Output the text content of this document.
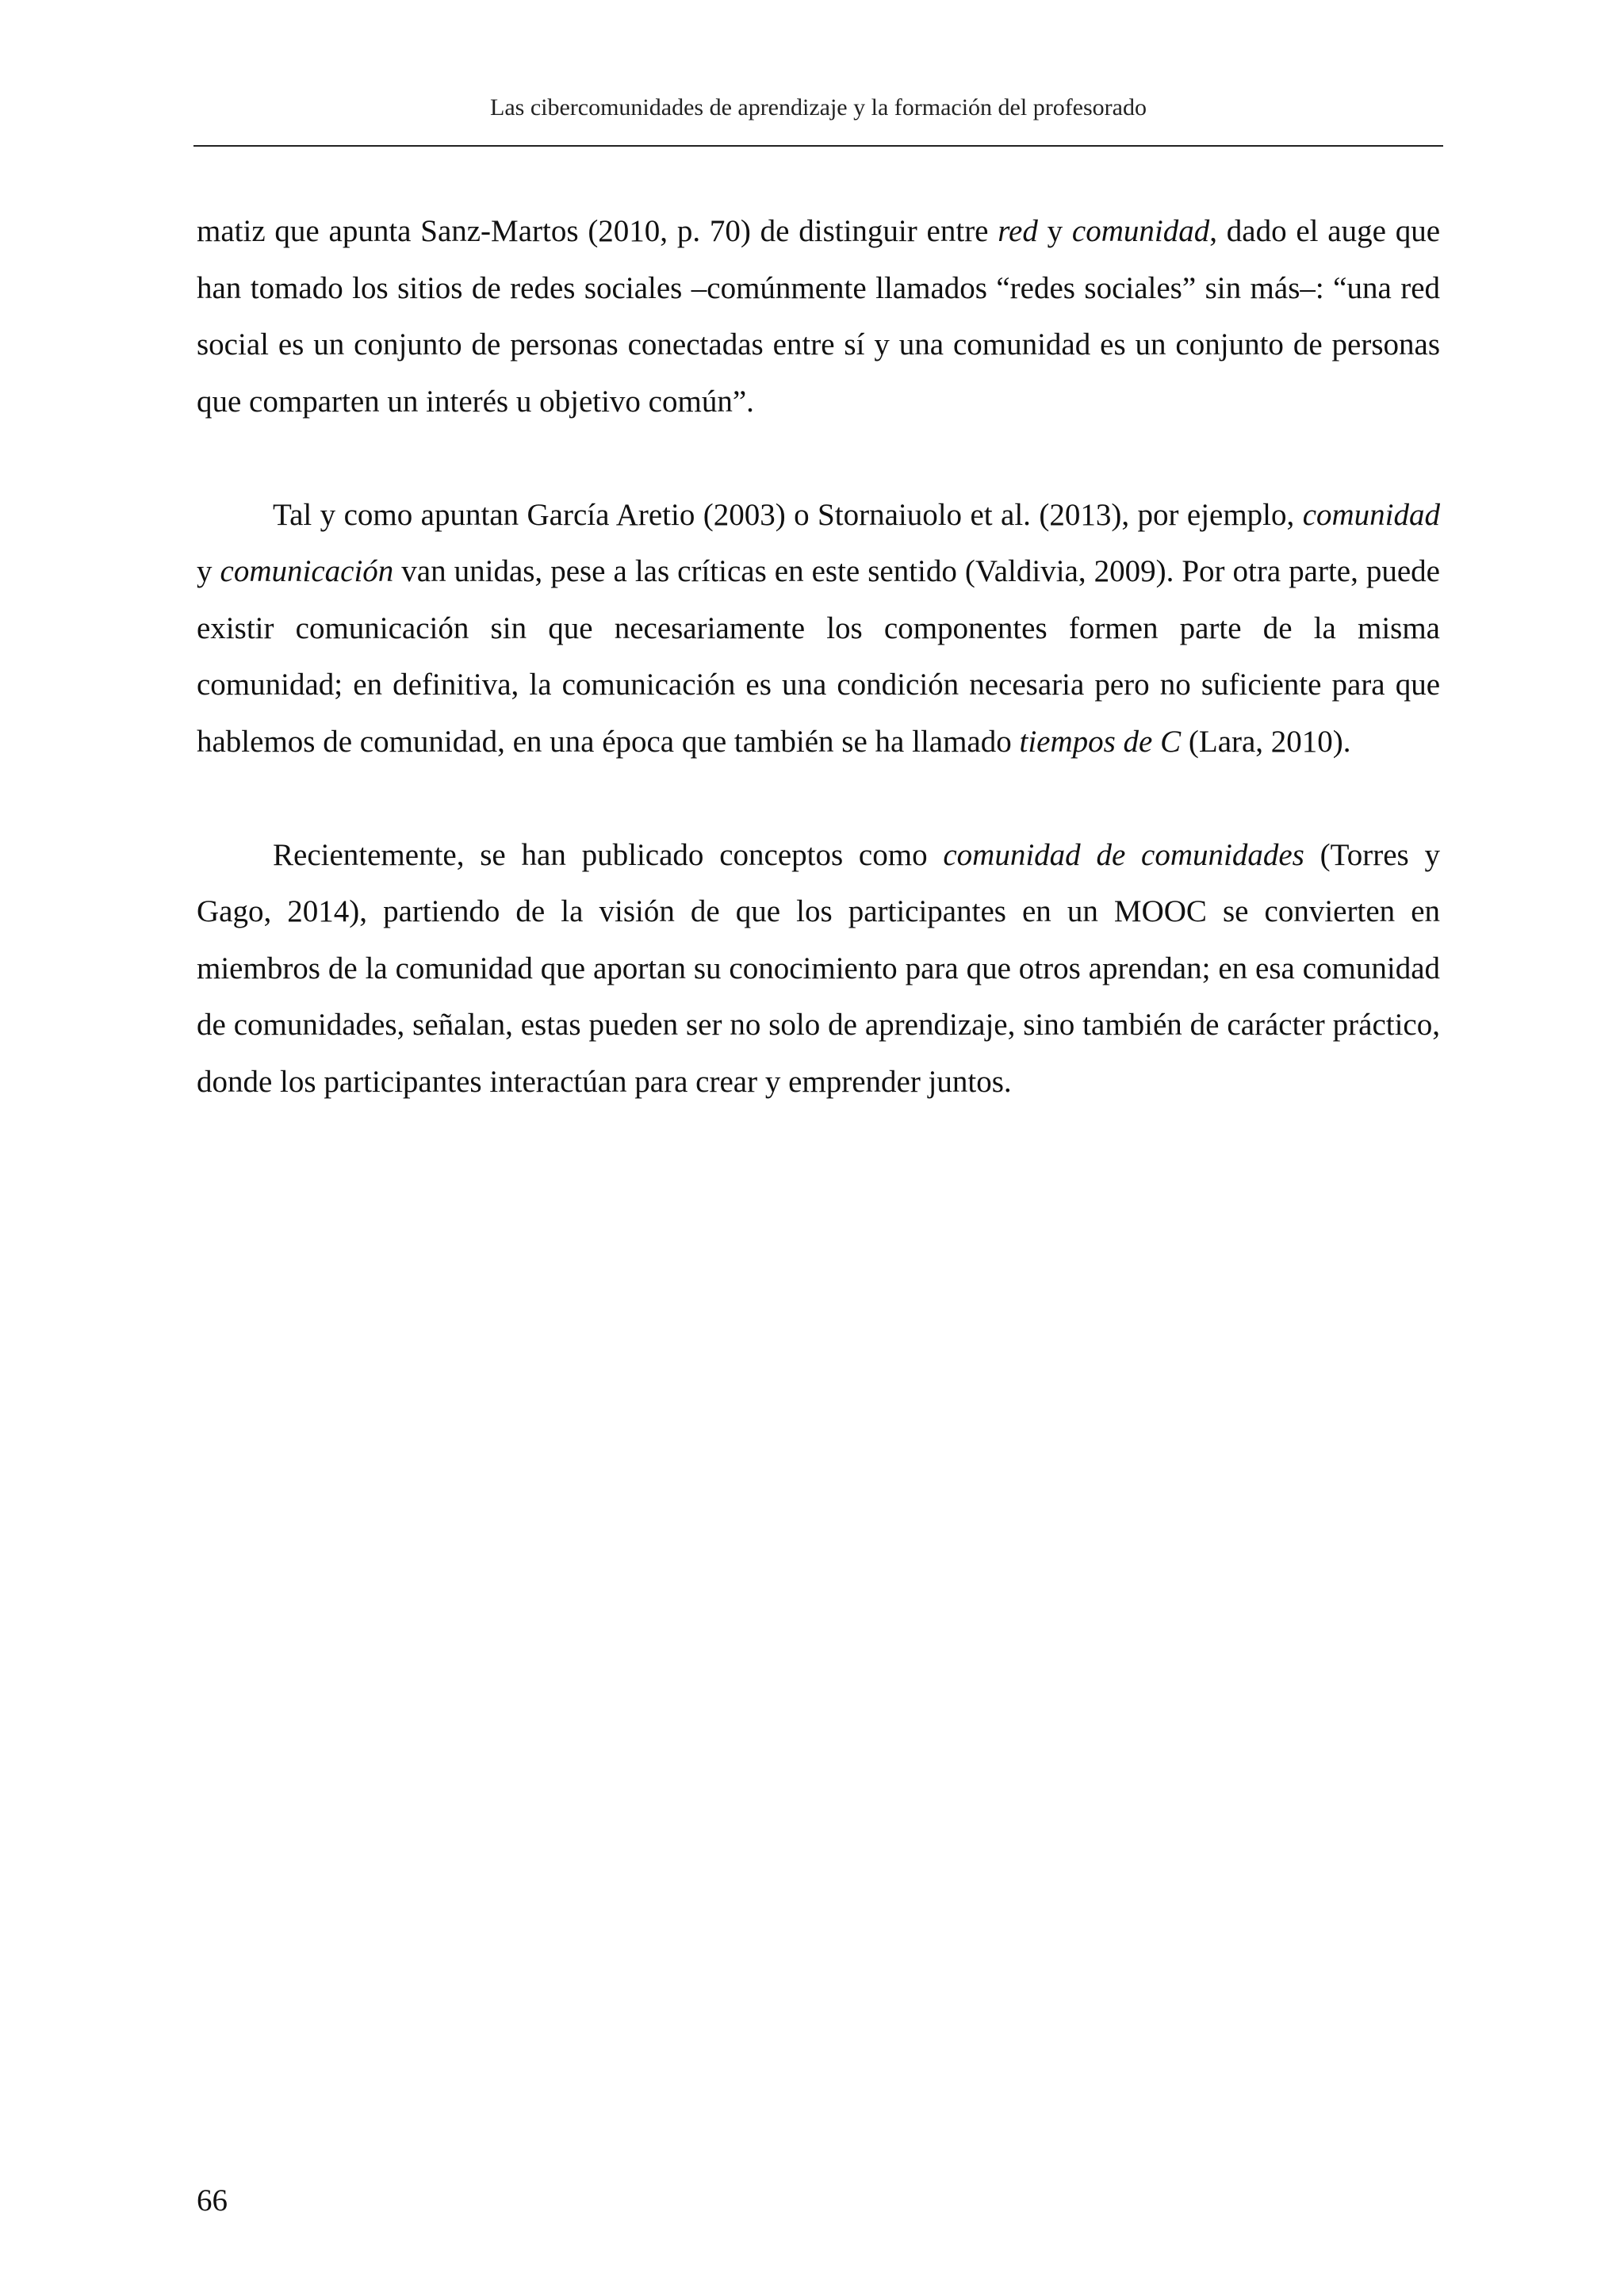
Las cibercomunidades de aprendizaje y la formación del profesorado

matiz que apunta Sanz-Martos (2010, p. 70) de distinguir entre red y comunidad, dado el auge que han tomado los sitios de redes sociales –comúnmente llamados “redes sociales” sin más–: “una red social es un conjunto de personas conectadas entre sí y una comunidad es un conjunto de personas que comparten un interés u objetivo común”.

Tal y como apuntan García Aretio (2003) o Stornaiuolo et al. (2013), por ejemplo, comunidad y comunicación van unidas, pese a las críticas en este sentido (Valdivia, 2009). Por otra parte, puede existir comunicación sin que necesariamente los componentes formen parte de la misma comunidad; en definitiva, la comunicación es una condición necesaria pero no suficiente para que hablemos de comunidad, en una época que también se ha llamado tiempos de C (Lara, 2010).

Recientemente, se han publicado conceptos como comunidad de comunidades (Torres y Gago, 2014), partiendo de la visión de que los participantes en un MOOC se convierten en miembros de la comunidad que aportan su conocimiento para que otros aprendan; en esa comunidad de comunidades, señalan, estas pueden ser no solo de aprendizaje, sino también de carácter práctico, donde los participantes interactúan para crear y emprender juntos.

66
